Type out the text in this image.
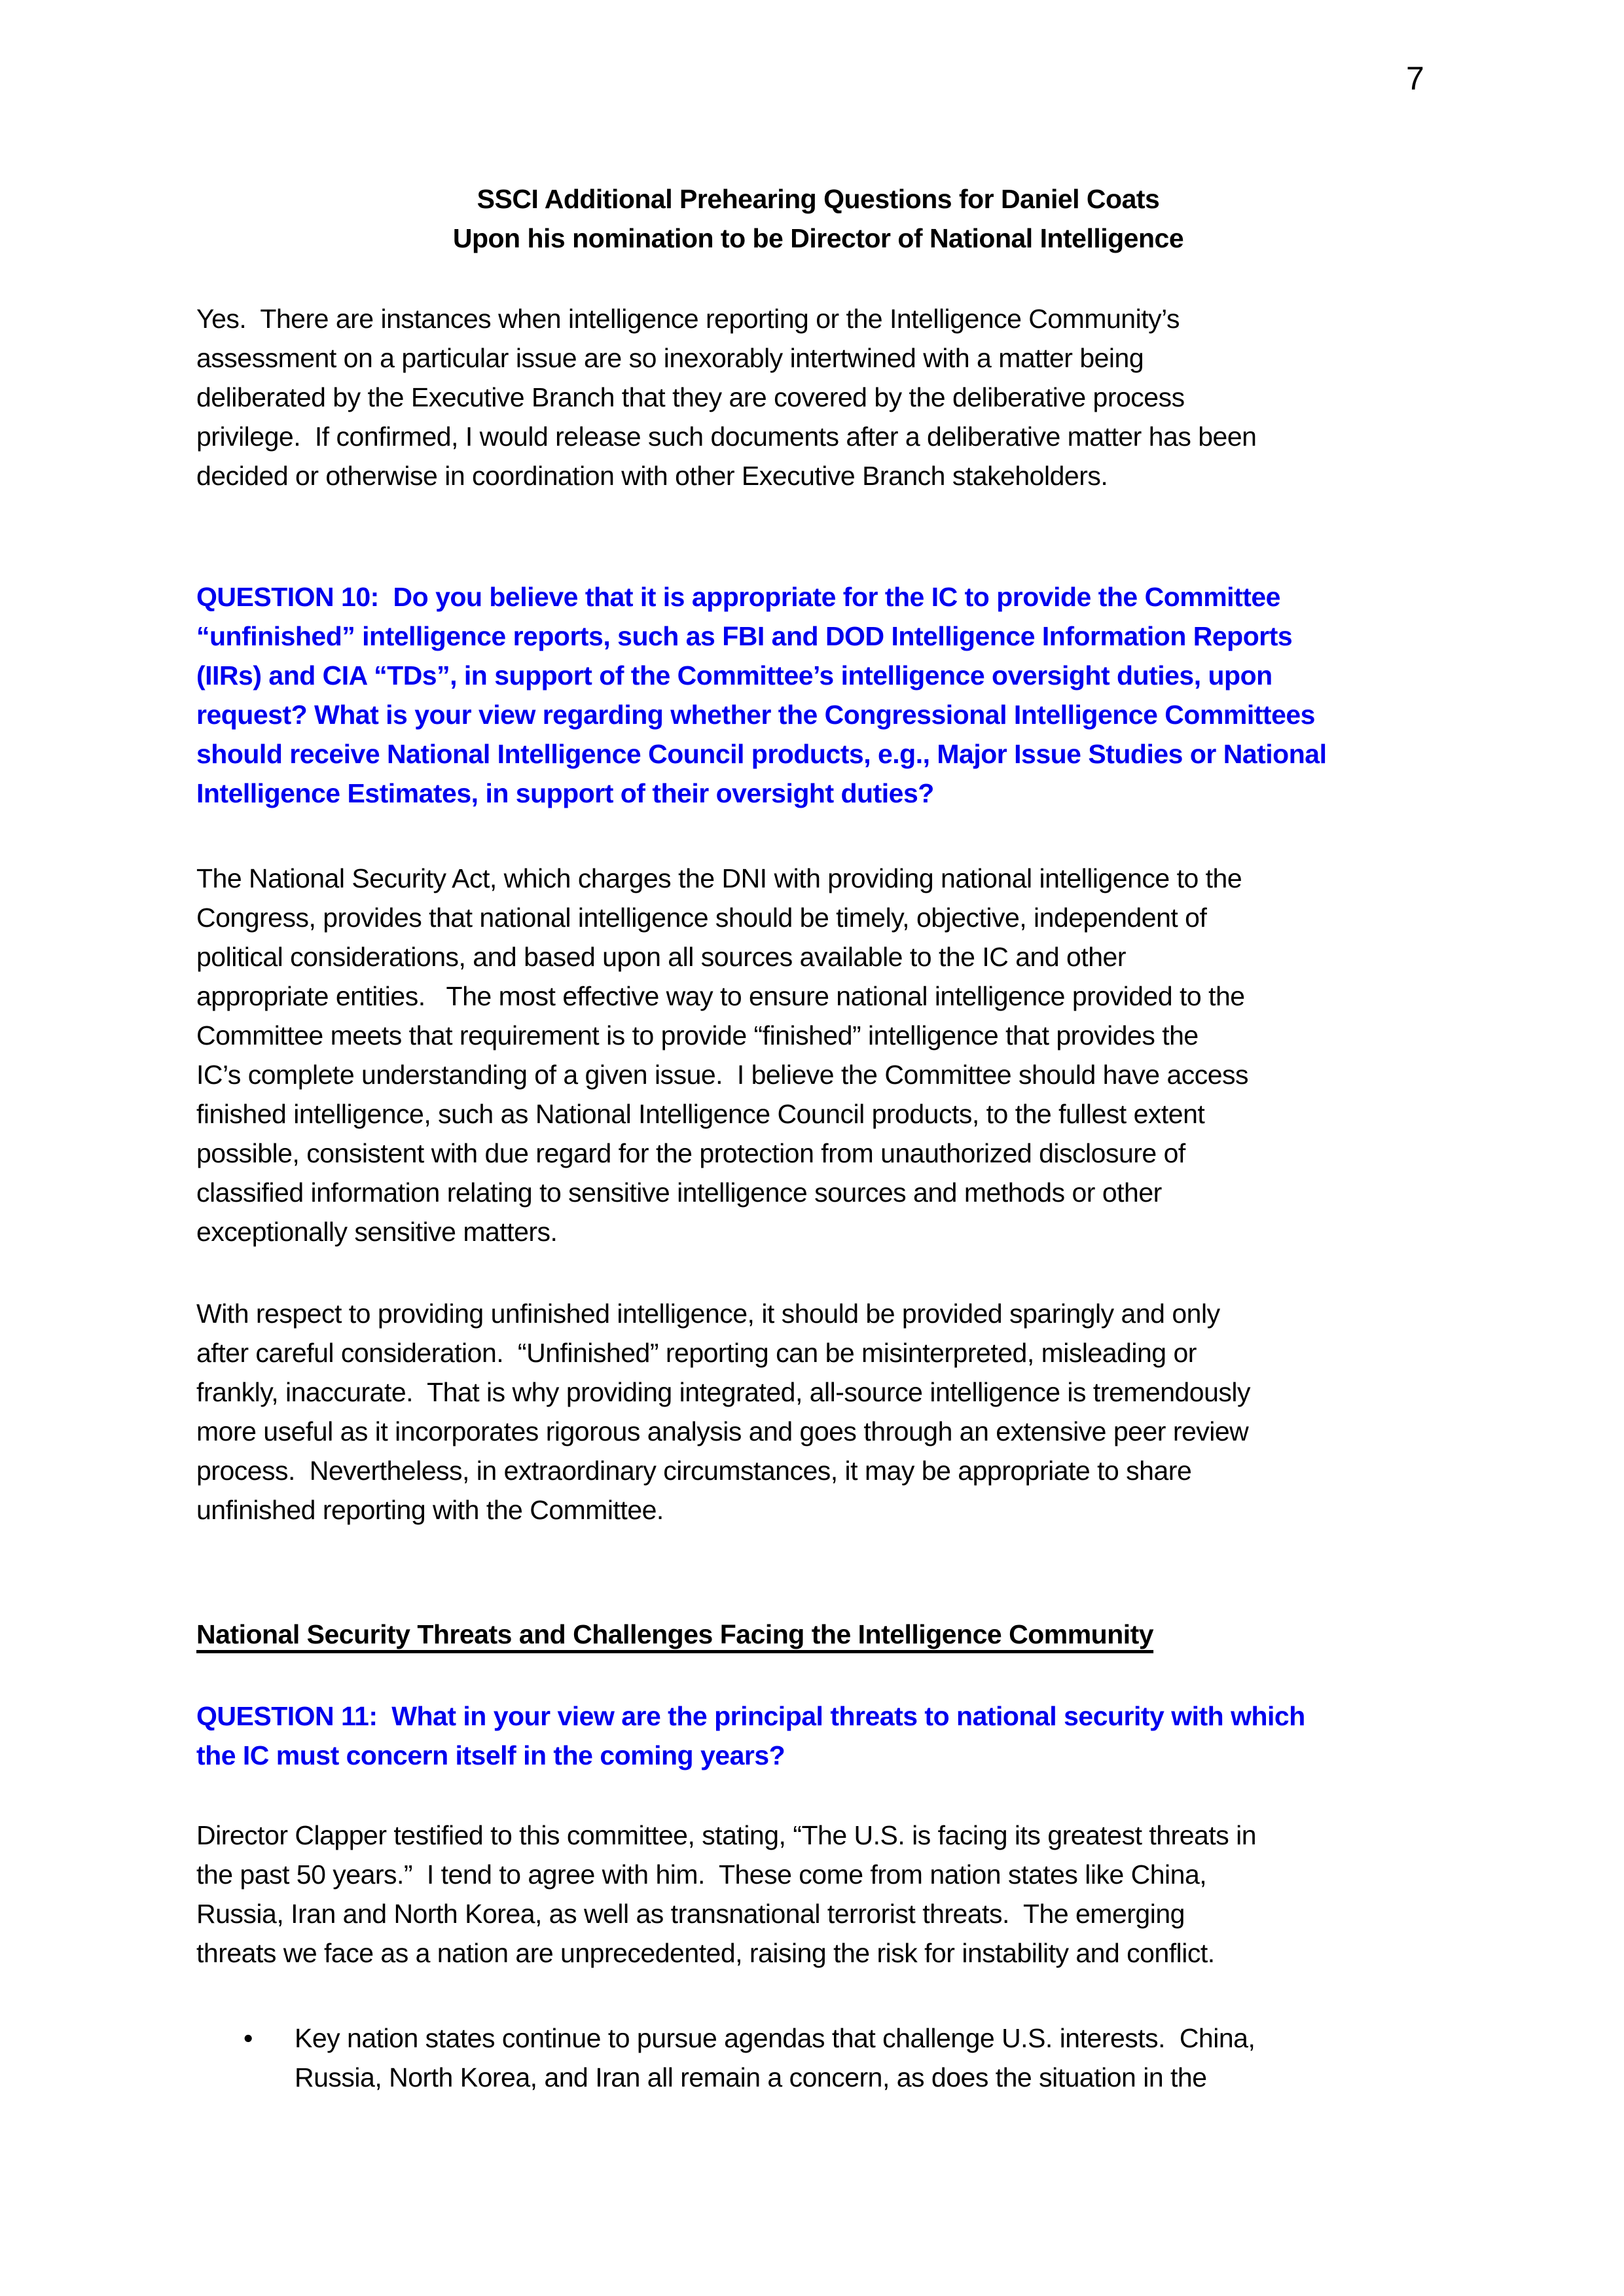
7
SSCI Additional Prehearing Questions for Daniel Coats
Upon his nomination to be Director of National Intelligence
Yes.  There are instances when intelligence reporting or the Intelligence Community’s
assessment on a particular issue are so inexorably intertwined with a matter being
deliberated by the Executive Branch that they are covered by the deliberative process
privilege.  If confirmed, I would release such documents after a deliberative matter has been
decided or otherwise in coordination with other Executive Branch stakeholders.
QUESTION 10:  Do you believe that it is appropriate for the IC to provide the Committee
“unfinished” intelligence reports, such as FBI and DOD Intelligence Information Reports
(IIRs) and CIA “TDs”, in support of the Committee’s intelligence oversight duties, upon
request? What is your view regarding whether the Congressional Intelligence Committees
should receive National Intelligence Council products, e.g., Major Issue Studies or National
Intelligence Estimates, in support of their oversight duties?
The National Security Act, which charges the DNI with providing national intelligence to the
Congress, provides that national intelligence should be timely, objective, independent of
political considerations, and based upon all sources available to the IC and other
appropriate entities.   The most effective way to ensure national intelligence provided to the
Committee meets that requirement is to provide “finished” intelligence that provides the
IC’s complete understanding of a given issue.  I believe the Committee should have access
finished intelligence, such as National Intelligence Council products, to the fullest extent
possible, consistent with due regard for the protection from unauthorized disclosure of
classified information relating to sensitive intelligence sources and methods or other
exceptionally sensitive matters.
With respect to providing unfinished intelligence, it should be provided sparingly and only
after careful consideration.  “Unfinished” reporting can be misinterpreted, misleading or
frankly, inaccurate.  That is why providing integrated, all-source intelligence is tremendously
more useful as it incorporates rigorous analysis and goes through an extensive peer review
process.  Nevertheless, in extraordinary circumstances, it may be appropriate to share
unfinished reporting with the Committee.
National Security Threats and Challenges Facing the Intelligence Community
QUESTION 11:  What in your view are the principal threats to national security with which
the IC must concern itself in the coming years?
Director Clapper testified to this committee, stating, “The U.S. is facing its greatest threats in
the past 50 years.”  I tend to agree with him.  These come from nation states like China,
Russia, Iran and North Korea, as well as transnational terrorist threats.  The emerging
threats we face as a nation are unprecedented, raising the risk for instability and conflict.
• Key nation states continue to pursue agendas that challenge U.S. interests.  China,
Russia, North Korea, and Iran all remain a concern, as does the situation in the
